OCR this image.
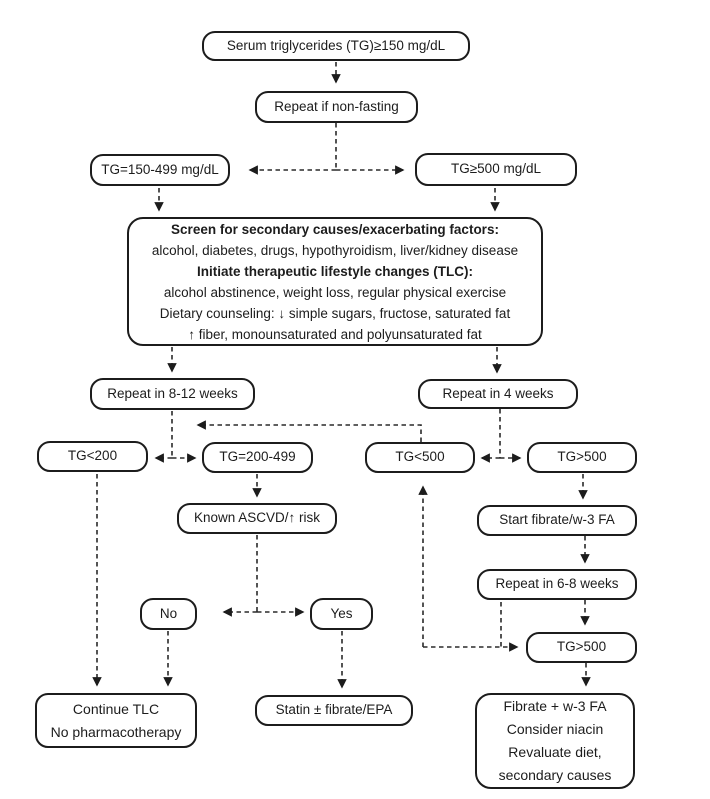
Serum triglycerides (TG)≥150 mg/dL
Repeat if non-fasting
TG=150-499 mg/dL	TG≥500 mg/dL
Screen for secondary causes/exacerbating factors:
alcohol, diabetes, drugs, hypothyroidism, liver/kidney disease
Initiate therapeutic lifestyle changes (TLC):
alcohol abstinence, weight loss, regular physical exercise
Dietary counseling: ↓ simple sugars, fructose, saturated fat
↑ fiber, monounsaturated and polyunsaturated fat
Repeat in 8-12 weeks	Repeat in 4 weeks
TG<200	TG=200-499	TG<500	TG>500
Known ASCVD/↑ risk
No	Yes
Start fibrate/w-3 FA
Repeat in 6-8 weeks
TG>500
Continue TLC
No pharmacotherapy
Statin ± fibrate/EPA	Fibrate + w-3 FA
Consider niacin
Revaluate diet,
secondary causes
